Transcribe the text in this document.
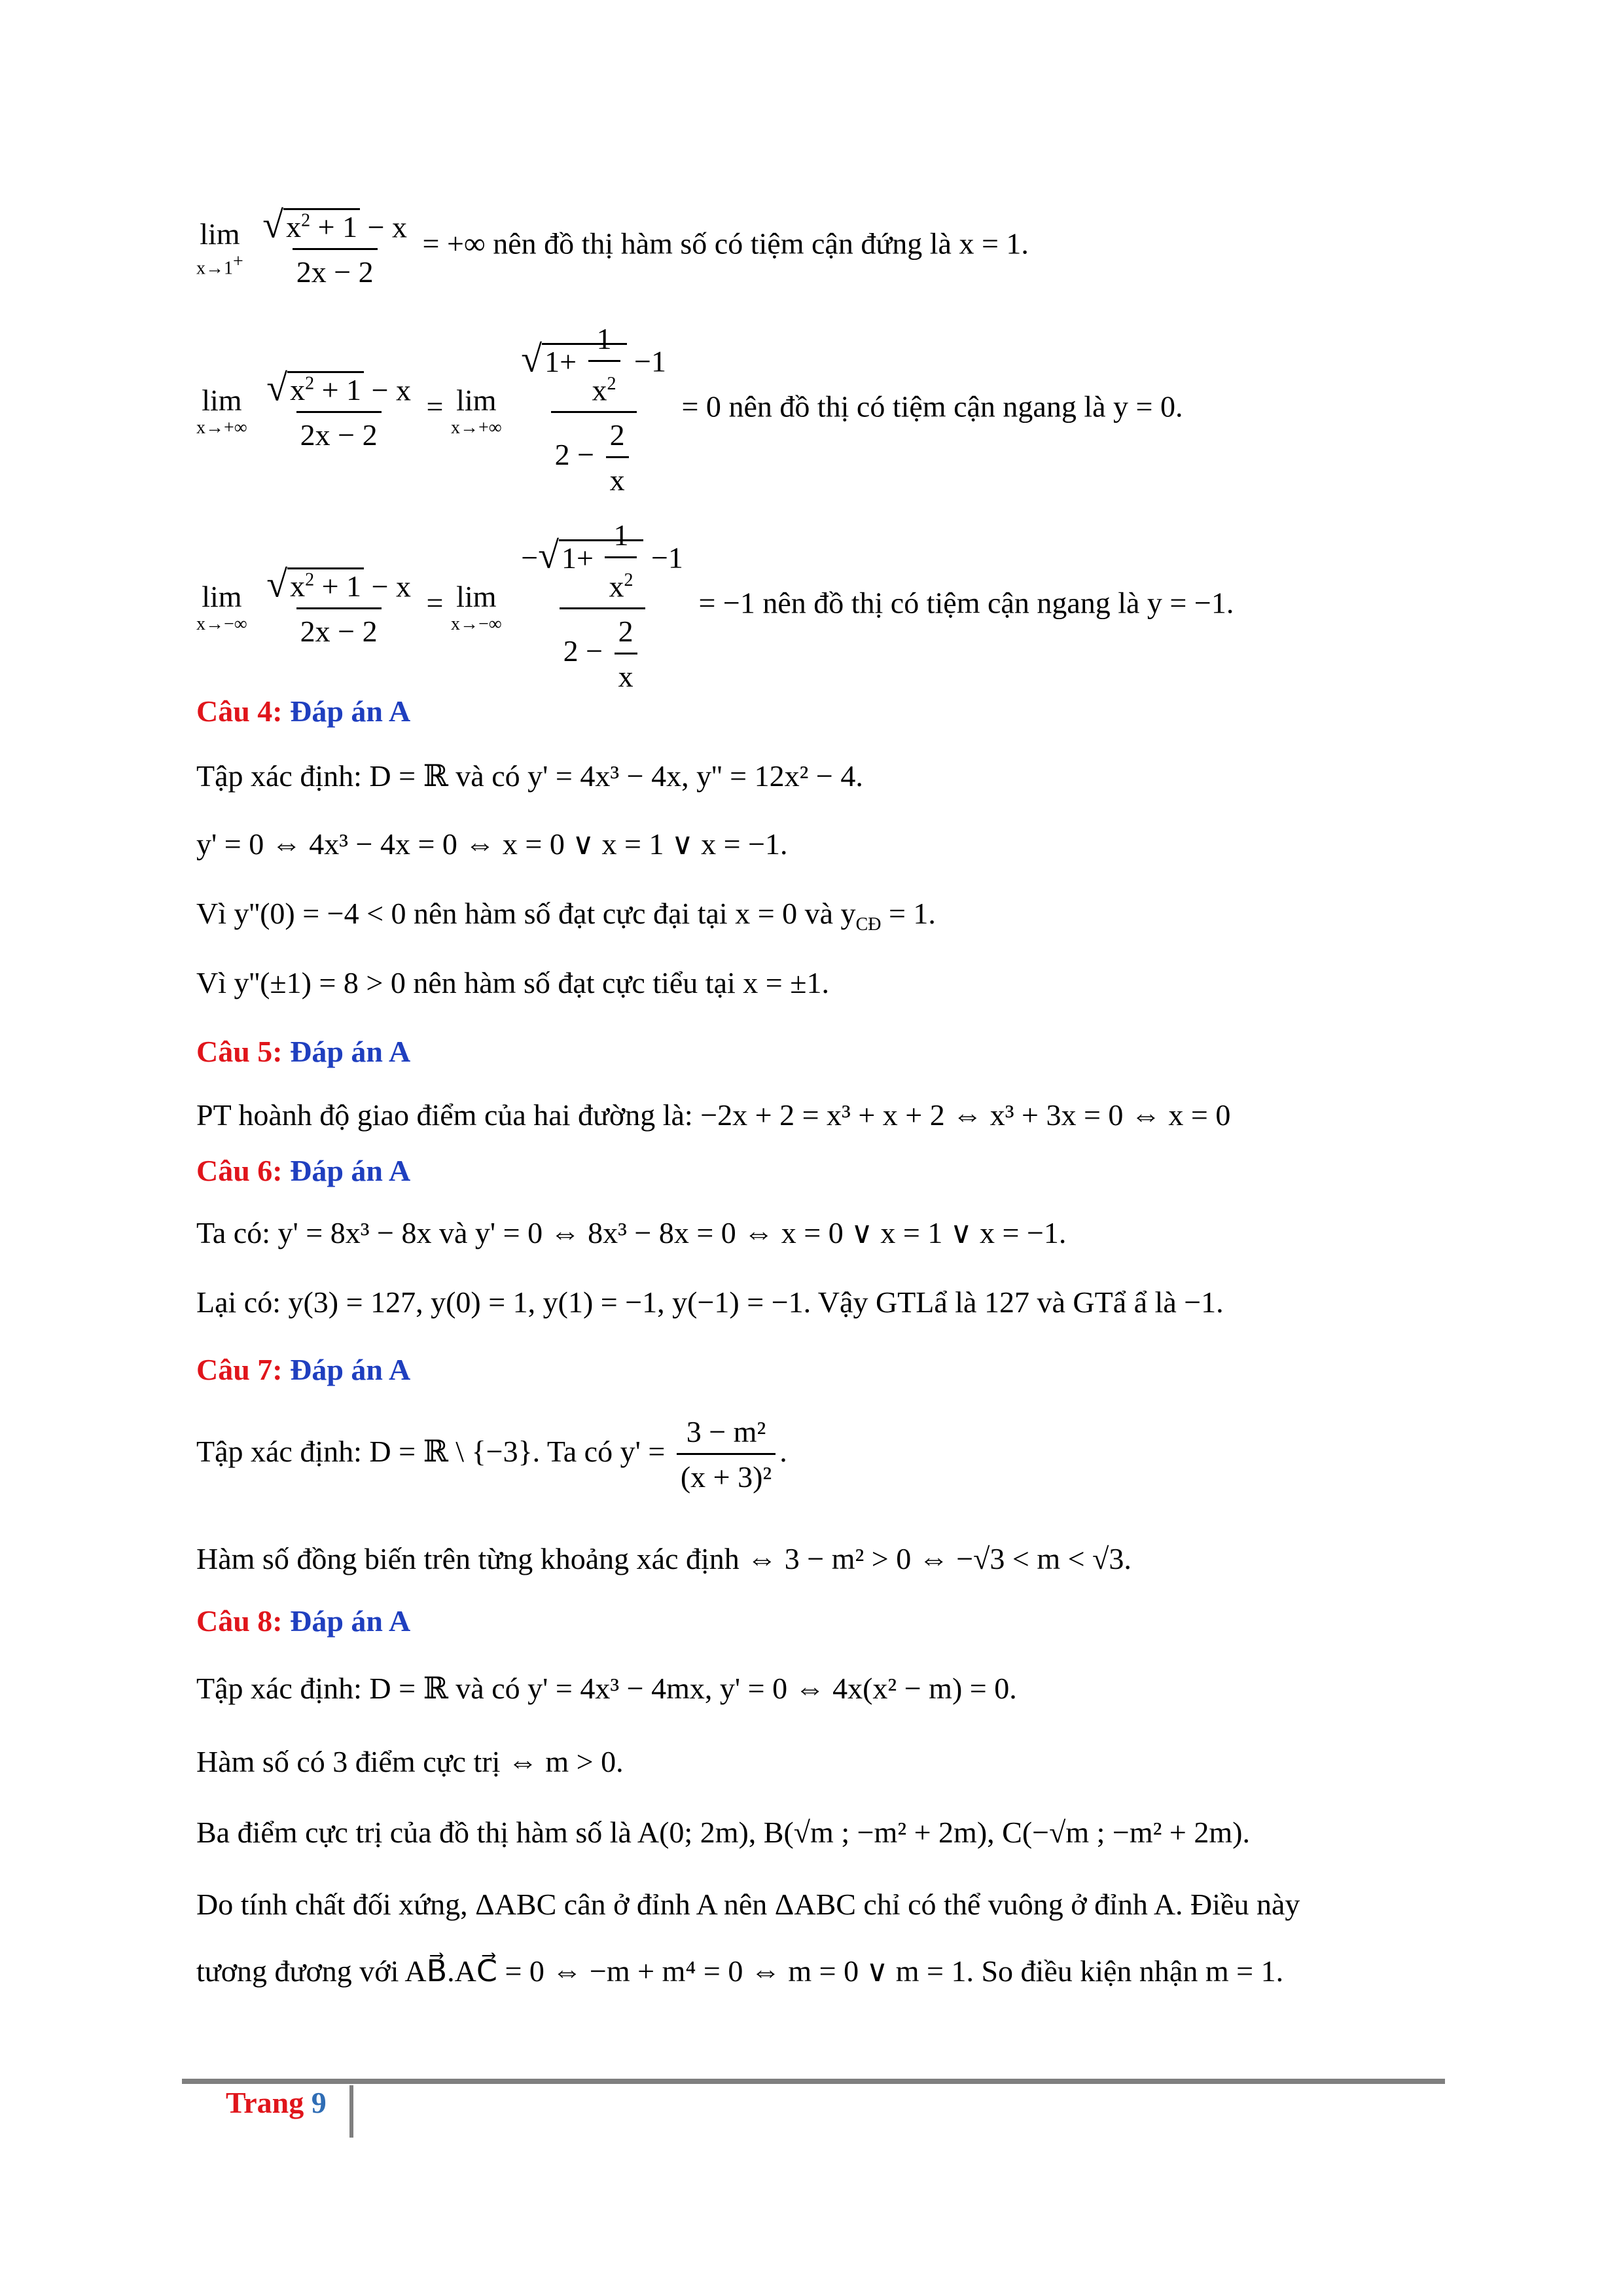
lim
x→1+
$\frac{√x^2 + 1 - x}{2x - 2}$ = +∞ nên đồ thị hàm số có tiệm cận đứng là x = 1.
lim
x→+∞
$\frac{√x^2 + 1 - x}{2x - 2} = \lim$
x→+∞
$\frac{√1+ \frac{1}{x^2} -1}{2 - \frac{2}{x}} = 0$ nên đồ thị có tiệm cận ngang là y = 0.
lim
x→−∞
$\frac{√x^2 + 1 - x}{2x - 2} = \lim$
x→−∞
$\frac{-√1+ \frac{1}{x^2} -1}{2 - \frac{2}{x}} = -1$ nên đồ thị có tiệm cận ngang là y = −1.
Câu 4: Đáp án A
Tập xác định: D = ℝ và có y' = 4x³ − 4x, y'' = 12x² − 4.
y' = 0 ⇔ 4x³ − 4x = 0 ⇔ x = 0 ∨ x = 1 ∨ x = −1.
Vì y''(0) = −4 < 0 nên hàm số đạt cực đại tại x = 0 và $y_{CĐ} = 1$.
Vì y''(±1) = 8 > 0 nên hàm số đạt cực tiểu tại x = ±1.
Câu 5: Đáp án A
PT hoành độ giao điểm của hai đường là: −2x + 2 = x³ + x + 2 ⇔ x³ + 3x = 0 ⇔ x = 0
Câu 6: Đáp án A
Ta có: y' = 8x³ − 8x và y' = 0 ⇔ 8x³ − 8x = 0 ⇔ x = 0 ∨ x = 1 ∨ x = −1.
Lại có: y(3) = 127, y(0) = 1, y(1) = −1, y(−1) = −1. Vậy GTLẩ là 127 và GTẩ ẩ là −1.
Câu 7: Đáp án A
Tập xác định: D = ℝ \ {−3}. Ta có $y' = \frac{\text{3 − m²}}{\text{(x + 3)²}}$ .
Hàm số đồng biến trên từng khoảng xác định ⇔ 3 − m² > 0 ⇔ −√3 < m < √3.
Câu 8: Đáp án A
Tập xác định: D = ℝ và có y' = 4x³ − 4mx, y' = 0 ⇔ 4x(x² − m) = 0.
Hàm số có 3 điểm cực trị ⇔ m > 0.
Ba điểm cực trị của đồ thị hàm số là A(0; 2m), B(√m ; −m² + 2m), C(−√m ; −m² + 2m).
Do tính chất đối xứng, ΔABC cân ở đỉnh A nên ΔABC chỉ có thể vuông ở đỉnh A. Điều này
tương đương với AB⃗.AC⃗ = 0 ⇔ −m + m⁴ = 0 ⇔ m = 0 ∨ m = 1. So điều kiện nhận m = 1.
Trang 9
